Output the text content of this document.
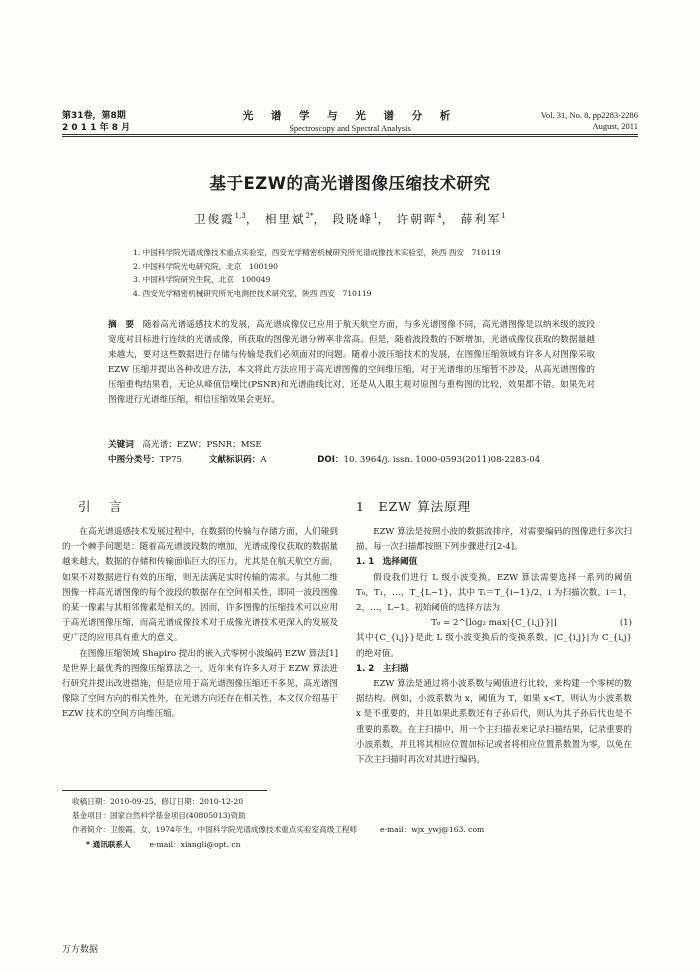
第31卷，第8期
2 0 1 1 年 8 月
光 谱 学 与 光 谱 分 析
Spectroscopy and Spectral Analysis
Vol. 31, No. 8, pp2283-2286
August, 2011
基于EZW的高光谱图像压缩技术研究
卫俊霞$^{1,3}$， 相里斌$^{2*}$， 段晓峰$^1$， 许朝晖$^4$， 薛利军$^1$
1. 中国科学院光谱成像技术重点实验室，西安光学精密机械研究所光谱成像技术实验室，陕西 西安　710119
2. 中国科学院光电研究院，北京　100190
3. 中国科学院研究生院，北京　100049
4. 西安光学精密机械研究所光电测控技术研究室，陕西 西安　710119
摘　要　 随着高光谱遥感技术的发展，高光谱成像仪已应用于航天航空方面，与多光谱图像不同，高光谱图像是以纳米级的波段宽度对目标进行连续的光谱成像，所获取的图像光谱分辨率非常高。但是，随着波段数的不断增加，光谱成像仪获取的数据量越来越大，要对这些数据进行存储与传输是我们必须面对的问题。随着小波压缩技术的发展，在图像压缩领域有许多人对图像采取 EZW 压缩并提出各种改进方法，本文将此方法应用于高光谱图像的空间维压缩，对于光谱维的压缩暂不涉及，从高光谱图像的压缩重构结果看，无论从峰值信噪比(PSNR)和光谱曲线比对，还是从人眼主观对原图与重构图的比较，效果都不错。如果先对图像进行光谱维压缩，相信压缩效果会更好。
关键词　 高光谱；EZW；PSNR；MSE
中图分类号：TP75	文献标识码：A	DOI：10. 3964/j. issn. 1000-0593(2011)08-2283-04
引　言	1　EZW 算法原理

在高光谱遥感技术发展过程中，在数据的传输与存储方面，人们碰到的一个棘手问题是：随着高光谱波段数的增加，光谱成像仪获取的数据量越来越大，数据的存储和传输面临巨大的压力，尤其是在航天航空方面，如果不对数据进行有效的压缩，则无法满足实时传输的需求。与其他二维图像一样高光谱图像的每个波段的数据存在空间相关性，即同一波段图像的某一像素与其相邻像素是相关的。因而，许多图像的压缩技术可以应用于高光谱图像压缩，而高光谱成像技术对于成像光谱技术更深入的发展及更广泛的应用具有重大的意义。

在图像压缩领域 Shapiro 提出的嵌入式零树小波编码 EZW 算法[1]是世界上最优秀的图像压缩算法之一。近年来有许多人对于 EZW 算法进行研究并提出改进措施，但是应用于高光谱图像压缩还不多见，高光谱图像除了空间方向的相关性外，在光谱方向还存在相关性，本文仅介绍基于 EZW 技术的空间方向维压缩。

EZW 算法是按照小波的数据流排序，对需要编码的图像进行多次扫描，每一次扫描都按照下列步骤进行[2-4]。

1. 1　选择阈值

假设我们进行 L 级小波变换，EZW 算法需要选择一系列的阈值 T₀，T₁，…，T_{L−1}，其中 Tᵢ＝T_{i−1}/2，i 为扫描次数，i＝1，2，…，L−1。初始阈值的选择方法为

T₀ = 2^⌊log₂ max|{C_{i,j}}|⌋	(1)

其中{C_{i,j}}是此 L 级小波变换后的变换系数，|C_{i,j}|为 C_{i,j} 的绝对值。

1. 2　主扫描

EZW 算法是通过将小波系数与阈值进行比较，来构建一个零树的数据结构。例如，小波系数为 x，阈值为 T，如果 x<T，则认为小波系数 x 是不重要的，并且如果此系数还有子孙后代，则认为其子孙后代也是不重要的系数。在主扫描中，用一个主扫描表来记录扫描结果，记录重要的小波系数，并且将其相应位置加标记或者将相应位置系数置为零，以免在下次主扫描时再次对其进行编码。

收稿日期：2010-09-25，修订日期：2010-12-20
基金项目：国家自然科学基金项目(40805013)资助
作者简介：卫俊霞，女，1974年生，中国科学院光谱成像技术重点实验室高级工程师	e-mail：wjx_ywj@163. com
* 通讯联系人 e-mail：xiangli@opt. cn
万方数据
